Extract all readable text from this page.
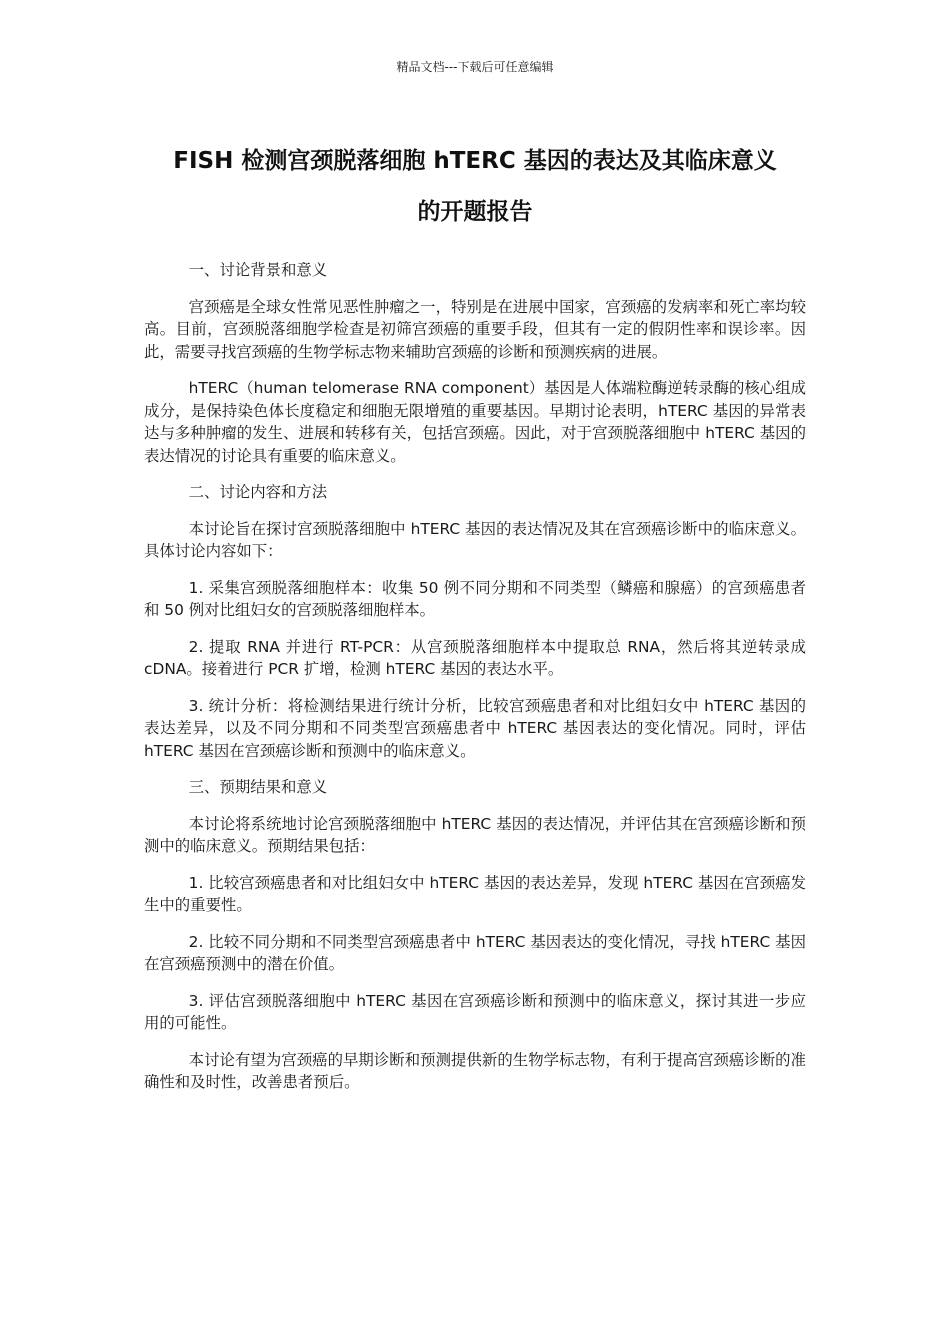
精品文档---下载后可任意编辑
FISH 检测宫颈脱落细胞 hTERC 基因的表达及其临床意义
的开题报告

一、讨论背景和意义

宫颈癌是全球女性常见恶性肿瘤之一，特别是在进展中国家，宫颈癌的发病率和死亡率均较高。目前，宫颈脱落细胞学检查是初筛宫颈癌的重要手段，但其有一定的假阴性率和误诊率。因此，需要寻找宫颈癌的生物学标志物来辅助宫颈癌的诊断和预测疾病的进展。

hTERC（human telomerase RNA component）基因是人体端粒酶逆转录酶的核心组成成分，是保持染色体长度稳定和细胞无限增殖的重要基因。早期讨论表明，hTERC 基因的异常表达与多种肿瘤的发生、进展和转移有关，包括宫颈癌。因此，对于宫颈脱落细胞中 hTERC 基因的表达情况的讨论具有重要的临床意义。

二、讨论内容和方法

本讨论旨在探讨宫颈脱落细胞中 hTERC 基因的表达情况及其在宫颈癌诊断中的临床意义。具体讨论内容如下：

1. 采集宫颈脱落细胞样本：收集 50 例不同分期和不同类型（鳞癌和腺癌）的宫颈癌患者和 50 例对比组妇女的宫颈脱落细胞样本。

2. 提取 RNA 并进行 RT-PCR：从宫颈脱落细胞样本中提取总 RNA，然后将其逆转录成 cDNA。接着进行 PCR 扩增，检测 hTERC 基因的表达水平。

3. 统计分析：将检测结果进行统计分析，比较宫颈癌患者和对比组妇女中 hTERC 基因的表达差异，以及不同分期和不同类型宫颈癌患者中 hTERC 基因表达的变化情况。同时，评估 hTERC 基因在宫颈癌诊断和预测中的临床意义。

三、预期结果和意义

本讨论将系统地讨论宫颈脱落细胞中 hTERC 基因的表达情况，并评估其在宫颈癌诊断和预测中的临床意义。预期结果包括：

1. 比较宫颈癌患者和对比组妇女中 hTERC 基因的表达差异，发现 hTERC 基因在宫颈癌发生中的重要性。

2. 比较不同分期和不同类型宫颈癌患者中 hTERC 基因表达的变化情况，寻找 hTERC 基因在宫颈癌预测中的潜在价值。

3. 评估宫颈脱落细胞中 hTERC 基因在宫颈癌诊断和预测中的临床意义，探讨其进一步应用的可能性。

本讨论有望为宫颈癌的早期诊断和预测提供新的生物学标志物，有利于提高宫颈癌诊断的准确性和及时性，改善患者预后。
